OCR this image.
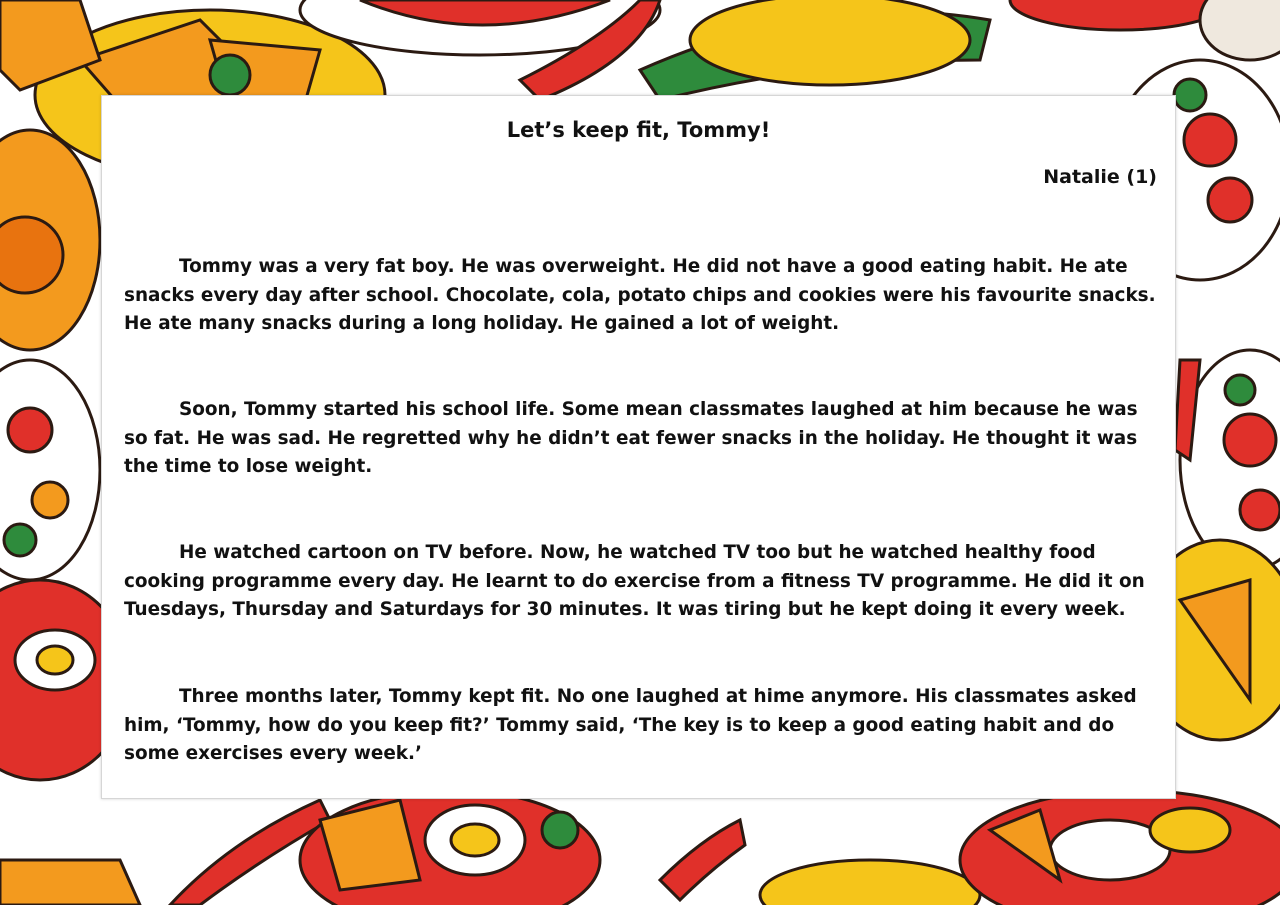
Let’s keep fit, Tommy!
Natalie (1)

Tommy was a very fat boy. He was overweight. He did not have a good eating habit. He ate snacks every day after school. Chocolate, cola, potato chips and cookies were his favourite snacks. He ate many snacks during a long holiday. He gained a lot of weight.

Soon, Tommy started his school life. Some mean classmates laughed at him because he was so fat. He was sad. He regretted why he didn’t eat fewer snacks in the holiday. He thought it was the time to lose weight.

He watched cartoon on TV before. Now, he watched TV too but he watched healthy food cooking programme every day. He learnt to do exercise from a fitness TV programme. He did it on Tuesdays, Thursday and Saturdays for 30 minutes. It was tiring but he kept doing it every week.

Three months later, Tommy kept fit. No one laughed at hime anymore. His classmates asked him, ‘Tommy, how do you keep fit?’ Tommy said, ‘The key is to keep a good eating habit and do some exercises every week.’
